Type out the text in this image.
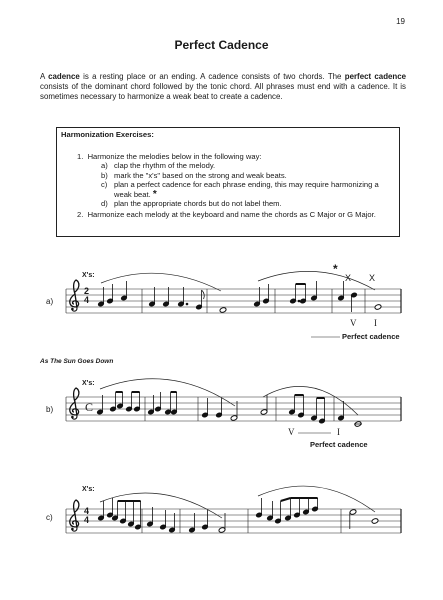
19
Perfect Cadence
A cadence is a resting place or an ending. A cadence consists of two chords. The perfect cadence consists of the dominant chord followed by the tonic chord. All phrases must end with a cadence. It is sometimes necessary to harmonize a weak beat to create a cadence.
Harmonization Exercises:
1. Harmonize the melodies below in the following way:
a) clap the rhythm of the melody.
b) mark the "x's" based on the strong and weak beats.
c) plan a perfect cadence for each phrase ending, this may require harmonizing a weak beat. *
d) plan the appropriate chords but do not label them.
2. Harmonize each melody at the keyboard and name the chords as C Major or G Major.
X's:
a)
2
4
*
X X
V I
Perfect cadence
As The Sun Goes Down
X's:
b)	C
V	I
Perfect cadence
X's:
c)
4
4
